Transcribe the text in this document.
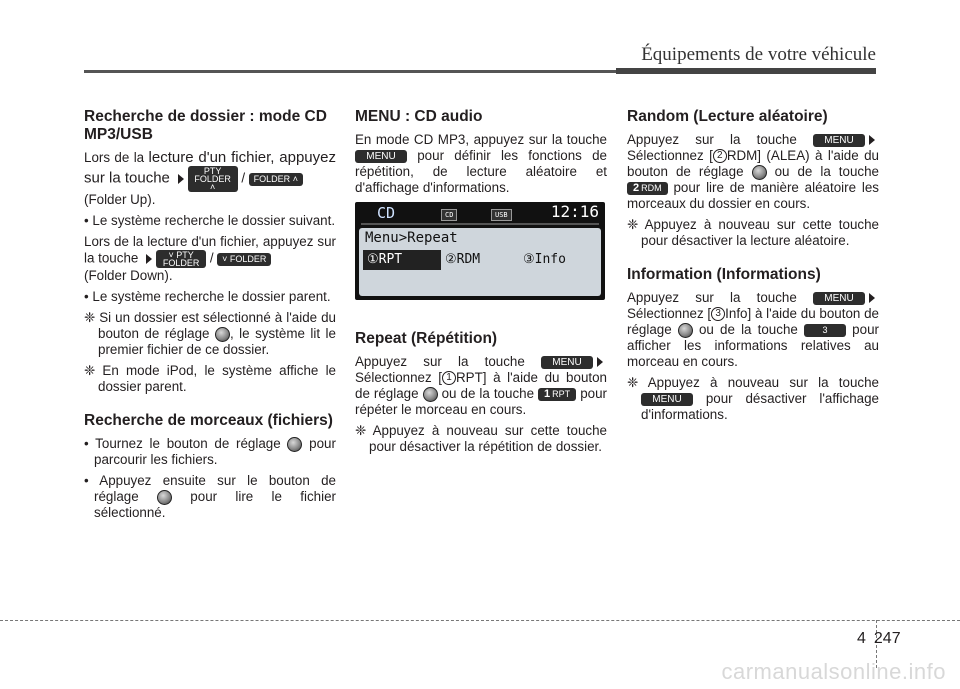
Équipements de votre véhicule
Recherche de dossier : mode CD MP3/USB

Lors de la lecture d'un fichier, appuyez sur la touche	PTY FOLDER ˄ / FOLDER ˄
(Folder Up).

• Le système recherche le dossier suivant.

Lors de la lecture d'un fichier, appuyez sur la touche	˅ PTY FOLDER / ˅ FOLDER
(Folder Down).

• Le système recherche le dossier parent.
❈ Si un dossier est sélectionné à l'aide du bouton de réglage , le système lit le premier fichier de ce dossier.
❈ En mode iPod, le système affiche le dossier parent.
Recherche de morceaux (fichiers)
• Tournez le bouton de réglage pour parcourir les fichiers.
• Appuyez ensuite sur le bouton de réglage	pour lire le fichier sélectionné.
MENU : CD audio

En mode CD MP3, appuyez sur la touche MENU pour définir les fonctions de répétition, de lecture aléatoire et d'affichage d'informations.

CD	CD	USB	12:16
Menu>Repeat
①RPT	②RDM	③Info
Repeat (Répétition)

Appuyez sur la touche	MENU Sélectionnez [ 1 RPT] à l'aide du bouton de réglage ou de la touche 1 RPT pour répéter le morceau en cours.

❈ Appuyez à nouveau sur cette touche pour désactiver la répétition de dossier.
Random (Lecture aléatoire)

Appuyez sur la touche	MENU Sélectionnez [ 2 RDM] (ALEA) à l'aide du bouton de réglage ou de la touche 2 RDM pour lire de manière aléatoire les morceaux du dossier en cours.

❈ Appuyez à nouveau sur cette touche pour désactiver la lecture aléatoire.
Information (Informations)

Appuyez sur la touche	MENU Sélectionnez [ 3 Info] à l'aide du bouton de réglage ou de la touche	3 pour afficher les informations relatives au morceau en cours.

❈ Appuyez à nouveau sur la touche MENU pour désactiver l'affichage d'informations.
4 247
carmanualsonline.info
